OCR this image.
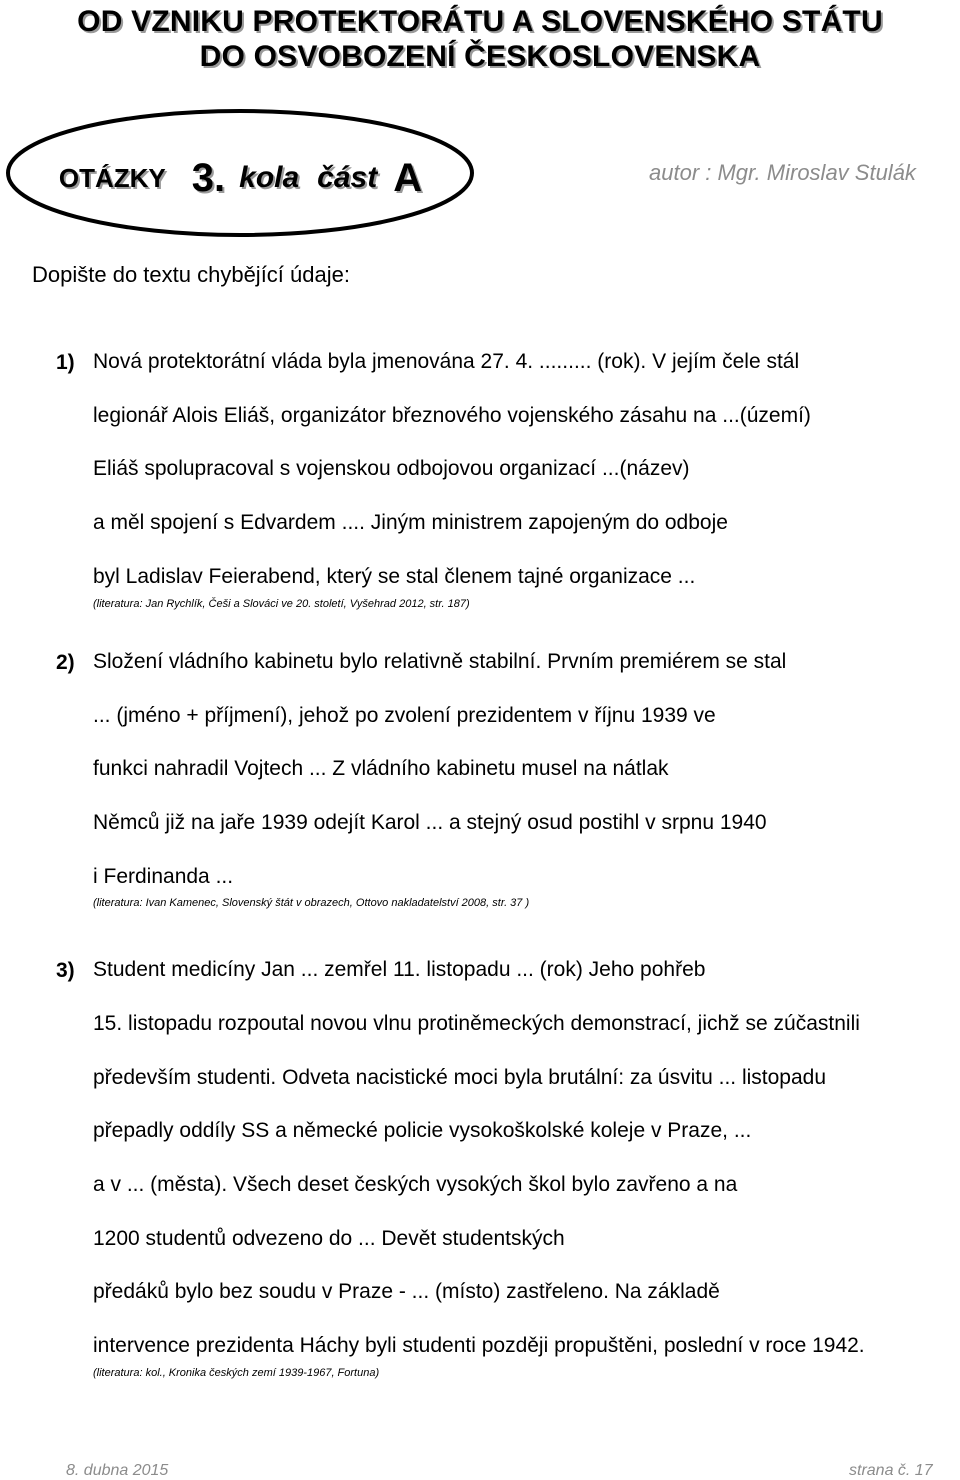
OD VZNIKU PROTEKTORÁTU A SLOVENSKÉHO STÁTU
DO OSVOBOZENÍ ČESKOSLOVENSKA
OTÁZKY 3. kola část A	autor : Mgr. Miroslav Stulák
Dopište do textu chybějící údaje:
1) Nová protektorátní vláda byla jmenována 27. 4. ......... (rok). V jejím čele stál
legionář Alois Eliáš, organizátor březnového vojenského zásahu na ...(území)
Eliáš spolupracoval s vojenskou odbojovou organizací ...(název)
a měl spojení s Edvardem .... Jiným ministrem zapojeným do odboje
byl Ladislav Feierabend, který se stal členem tajné organizace ...
(literatura: Jan Rychlík, Češi a Slováci ve 20. století, Vyšehrad 2012, str. 187)
2) Složení vládního kabinetu bylo relativně stabilní. Prvním premiérem se stal
... (jméno + příjmení), jehož po zvolení prezidentem v říjnu 1939 ve
funkci nahradil Vojtech ... Z vládního kabinetu musel na nátlak
Němců již na jaře 1939 odejít Karol ... a stejný osud postihl v srpnu 1940
i Ferdinanda ...
(literatura: Ivan Kamenec, Slovenský štát v obrazech, Ottovo nakladatelství 2008, str. 37 )
3) Student medicíny Jan ... zemřel 11. listopadu ... (rok) Jeho pohřeb
15. listopadu rozpoutal novou vlnu protiněmeckých demonstrací, jichž se zúčastnili
především studenti. Odveta nacistické moci byla brutální: za úsvitu ... listopadu
přepadly oddíly SS a německé policie vysokoškolské koleje v Praze, ...
a v ... (města). Všech deset českých vysokých škol bylo zavřeno a na
1200 studentů odvezeno do ... Devět studentských
předáků bylo bez soudu v Praze - ... (místo) zastřeleno. Na základě
intervence prezidenta Háchy byli studenti později propuštěni, poslední v roce 1942.
(literatura: kol., Kronika českých zemí 1939-1967, Fortuna)
8. dubna 2015	strana č. 17
